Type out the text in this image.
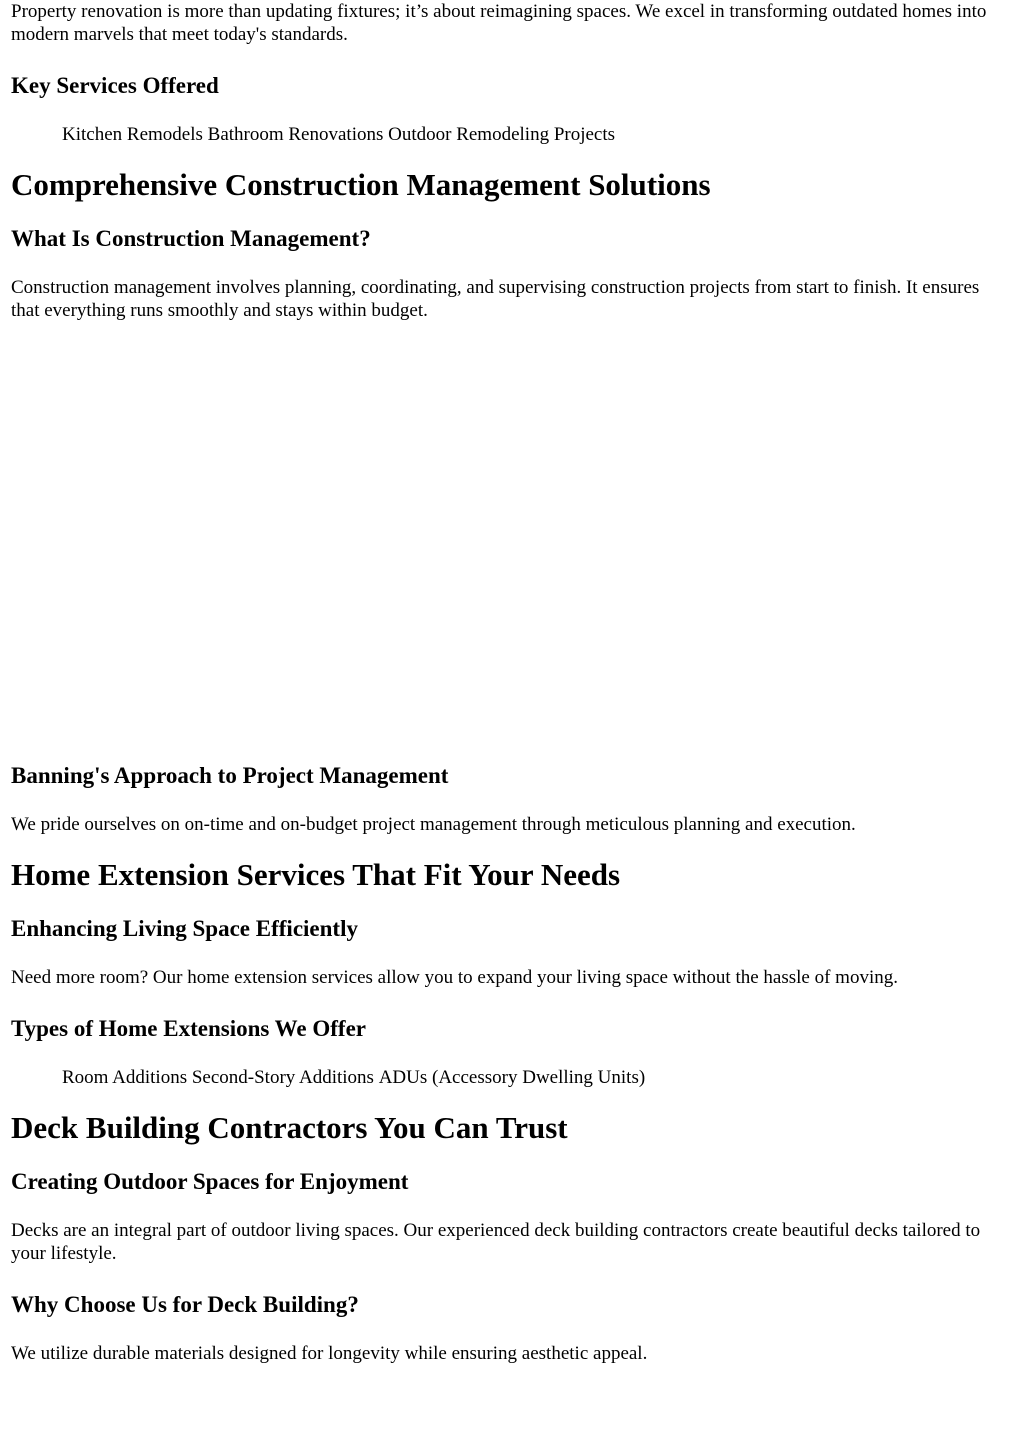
Property renovation is more than updating fixtures; it’s about reimagining spaces. We excel in transforming outdated homes into modern marvels that meet today's standards.

Key Services Offered
Kitchen Remodels Bathroom Renovations Outdoor Remodeling Projects
Comprehensive Construction Management Solutions
What Is Construction Management?

Construction management involves planning, coordinating, and supervising construction projects from start to finish. It ensures that everything runs smoothly and stays within budget.

Banning's Approach to Project Management

We pride ourselves on on-time and on-budget project management through meticulous planning and execution.

Home Extension Services That Fit Your Needs
Enhancing Living Space Efficiently

Need more room? Our home extension services allow you to expand your living space without the hassle of moving.

Types of Home Extensions We Offer
Room Additions Second-Story Additions ADUs (Accessory Dwelling Units)
Deck Building Contractors You Can Trust
Creating Outdoor Spaces for Enjoyment

Decks are an integral part of outdoor living spaces. Our experienced deck building contractors create beautiful decks tailored to your lifestyle.

Why Choose Us for Deck Building?

We utilize durable materials designed for longevity while ensuring aesthetic appeal.
